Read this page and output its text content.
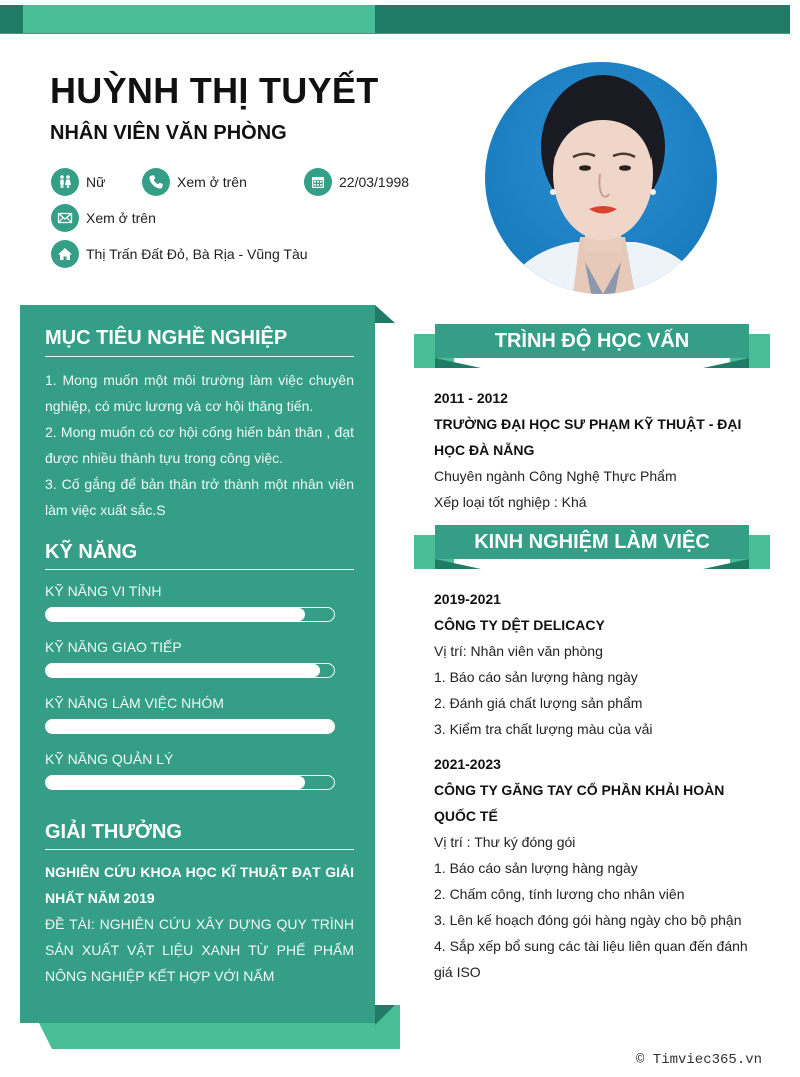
HUỲNH THỊ TUYẾT
NHÂN VIÊN VĂN PHÒNG
Nữ	Xem ở trên	22/03/1998
Xem ở trên
Thị Trấn Đất Đỏ, Bà Rịa - Vũng Tàu
MỤC TIÊU NGHỀ NGHIỆP
1. Mong muốn một môi trường làm việc chuyên nghiệp, có mức lương và cơ hội thăng tiến.
2. Mong muốn có cơ hội cống hiến bản thân , đạt được nhiều thành tựu trong công việc.
3. Cố gắng để bản thân trở thành một nhân viên làm việc xuất sắc.S
KỸ NĂNG
KỸ NĂNG VI TÍNH
KỸ NĂNG GIAO TIẾP
KỸ NĂNG LÀM VIỆC NHÓM
KỸ NĂNG QUẢN LÝ
GIẢI THƯỞNG
NGHIÊN CỨU KHOA HỌC KĨ THUẬT ĐẠT GIẢI NHẤT NĂM 2019
ĐỀ TÀI: NGHIÊN CỨU XÂY DỰNG QUY TRÌNH SẢN XUẤT VẬT LIỆU XANH TỪ PHẾ PHẨM NÔNG NGHIỆP KẾT HỢP VỚI NẤM
TRÌNH ĐỘ HỌC VẤN
2011 - 2012
TRƯỜNG ĐẠI HỌC SƯ PHẠM KỸ THUẬT - ĐẠI HỌC ĐÀ NẴNG
Chuyên ngành Công Nghệ Thực Phẩm
Xếp loại tốt nghiệp : Khá
KINH NGHIỆM LÀM VIỆC
2019-2021
CÔNG TY DỆT DELICACY
Vị trí: Nhân viên văn phòng
1. Báo cáo sản lượng hàng ngày
2. Đánh giá chất lượng sản phẩm
3. Kiểm tra chất lượng màu của vải
2021-2023
CÔNG TY GĂNG TAY CỔ PHẦN KHẢI HOÀN QUỐC TẾ
Vị trí : Thư ký đóng gói
1. Báo cáo sản lượng hàng ngày
2. Chấm công, tính lương cho nhân viên
3. Lên kế hoạch đóng gói hàng ngày cho bộ phận
4. Sắp xếp bổ sung các tài liệu liên quan đến đánh giá ISO
© Timviec365.vn
